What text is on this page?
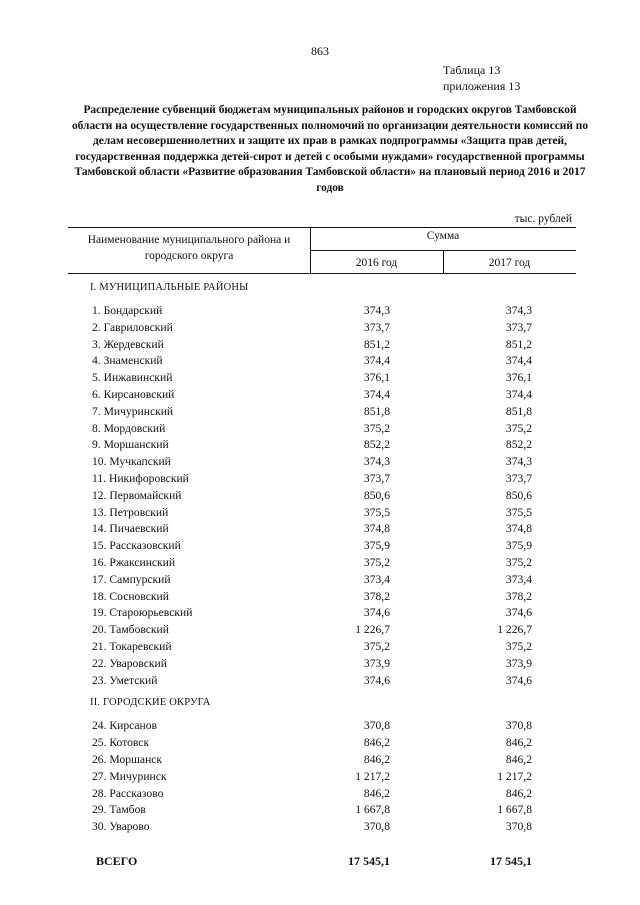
863
Таблица 13
приложения 13
Распределение субвенций бюджетам муниципальных районов и городских округов Тамбовской области на осуществление государственных полномочий по организации деятельности комиссий по делам несовершеннолетних и защите их прав в рамках подпрограммы «Защита прав детей, государственная поддержка детей-сирот и детей с особыми нуждами» государственной программы Тамбовской области «Развитие образования Тамбовской области» на плановый период 2016 и 2017 годов
тыс. рублей
Наименование муниципального района и городского округа
Сумма
2016 год	2017 год
I. МУНИЦИПАЛЬНЫЕ РАЙОНЫ
1. Бондарский	374,3	374,3
2. Гавриловский	373,7	373,7
3. Жердевский	851,2	851,2
4. Знаменский	374,4	374,4
5. Инжавинский	376,1	376,1
6. Кирсановский	374,4	374,4
7. Мичуринский	851,8	851,8
8. Мордовский	375,2	375,2
9. Моршанский	852,2	852,2
10. Мучкапский	374,3	374,3
11. Никифоровский	373,7	373,7
12. Первомайский	850,6	850,6
13. Петровский	375,5	375,5
14. Пичаевский	374,8	374,8
15. Рассказовский	375,9	375,9
16. Ржаксинский	375,2	375,2
17. Сампурский	373,4	373,4
18. Сосновский	378,2	378,2
19. Староюрьевский	374,6	374,6
20. Тамбовский	1 226,7	1 226,7
21. Токаревский	375,2	375,2
22. Уваровский	373,9	373,9
23. Уметский	374,6	374,6
II. ГОРОДСКИЕ ОКРУГА
24. Кирсанов	370,8	370,8
25. Котовск	846,2	846,2
26. Моршанск	846,2	846,2
27. Мичуринск	1 217,2	1 217,2
28. Рассказово	846,2	846,2
29. Тамбов	1 667,8	1 667,8
30. Уварово	370,8	370,8
ВСЕГО	17 545,1	17 545,1
